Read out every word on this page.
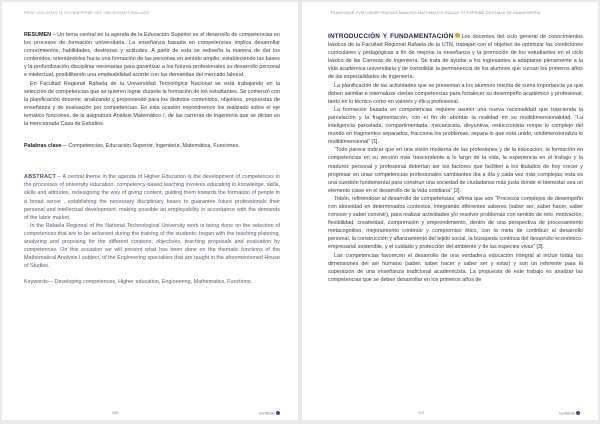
PEDE VOLUNTAS 11 DO INSPERIBE SPE OBLISORANT ANALAGE

RESUMEN – Un tema central en la agenda de la Educación Superior es el desarrollo de competencias en los procesos de formación universitaria. La enseñanza basada en competencias implica desarrollar conocimientos, habilidades, destrezas y actitudes. A partir de esta se rediseña la manera de dar los contenidos, orientándolos hacia una formación de las personas en sentido amplio, estableciendo las bases y la profundización disciplinar necesarias para garantizar a los futuros profesionales su desarrollo personal e intelectual, posibilitando una empleabilidad acorde con las demandas del mercado laboral.

En Facultad Regional Rafaela de la Universidad Tecnológica Nacional se está trabajando en la selección de competencias que se quieren lograr durante la formación de los estudiantes. Se comenzó con la planificación docente, analizando y proponiendo para los distintos contenidos, objetivos, propuestas de enseñanza y de evaluación por competencias. En esta ocasión expondremos los realizado sobre el eje temático funciones, de la asignatura Análisis Matemático I, de las carreras de Ingeniería que se dictan en la mencionada Casa de Estudios.

Palabras clave— Competencias, Educación Superior, Ingeniería, Matemática, Funciones.

ABSTRACT – A central theme in the agenda of Higher Education is the development of competences in the processes of university education. competency-based teaching involves educating in knowledge, skills, skills and attitudes, redesigning the way of giving content, guiding them towards the formation of people in a broad sense , establishing the necessary disciplinary bases to guarantee future professionals their personal and intellectual development, making possible an employability in accordance with the demands of the labor market.

In the Rafaela Regional of the National Technological University work is being done on the selection of competences that are to be achieved during the training of the students; began with the teaching planning, analyzing and proposing for the different contents, objectives, teaching proposals and evaluation by competences. On this occasion we will present what has been done on the thematic functions of the Mathematical Analysis I subject, of the Engineering specialties that are taught in the aforementioned House of Studies.

Keywords— Developing competences, Higher education, Engineering, Mathematics, Functions.

088	InvTeEdu
TRAVESQUE FVM COMPETENCIAS ANALISIS MATEMATICA EDUCA TO ESPRIME DIGITALIS DE ANAGENIERIA

INTRODUCCIÓN Y FUNDAMENTACIÓN Los docentes del ciclo general de conocimientos básicos de la Facultad Regional Rafaela de la UTN, trabajan con el objetivo de optimizar las condiciones curriculares y pedagógicas a fin de mejorar la enseñanza y la promoción de los estudiantes en el ciclo básico de las Carreras de Ingeniería. Se trata de ayudar a los ingresantes a adaptarse plenamente a la vida académica universitaria y de consolidar la permanencia de los alumnos que cursan los primeros años de las especialidades de Ingeniería.

La planificación de las actividades que se presentan a los alumnos resulta de suma importancia ya que deben asimilar e internalizar ciertas competencias para fortalecer su desempeño académico y profesional, tanto en lo técnico como en valores y ética profesional.

La formación basada en competencias requiere asumir una nueva racionalidad que trascienda la parcelación y la fragmentación, con el fin de abordar la realidad en su multidimensionalidad. “La inteligencia parcelada, compartimentada, mecanicista, disyuntiva, reduccionista rompe lo complejo del mundo en fragmentos separados, fracciona los problemas, separa lo que está unido, unidimensionaliza lo multidimensional” [1].

“Todo parece indicar que en una visión moderna de las profesiones y de la educación, la formación en competencias en su versión más trascendente a lo largo de la vida, la experiencia en el trabajo y la madurez personal y profesional deberían ser los factores que faciliten a los titulados de hoy crecer y progresar en unas competencias profesionales cambiantes día a día y cada vez más complejas; esta es una cuestión fundamental para construir una sociedad de ciudadanos más justa donde el bienestar sea un elemento clave en el desarrollo de la vida cotidiana” [2].

Tobón, refiriéndose al desarrollo de competencias, afirma que son “Procesos complejos de desempeño con idoneidad en determinados contextos, integrando diferentes saberes (saber ser, saber hacer, saber conocer y saber convivir), para realizar actividades y/o resolver problemas con sentido de reto, motivación, flexibilidad, creatividad, comprensión y emprendimiento, dentro de una perspectiva de procesamiento metacognitivo, mejoramiento continuo y compromiso ético, con la meta de contribuir al desarrollo personal, la construcción y afianzamiento del tejido social, la búsqueda continua del desarrollo económico-empresarial sostenible, y el cuidado y protección del ambiente y de las especies vivas” [3].

Las competencias favorecen el desarrollo de una verdadera educación integral al incluir todas las dimensiones del ser humano (saber, saber hacer y saber ser y estar) y son un referente para la superación de una enseñanza tradicional academicista. La propuesta de este trabajo es analizar las competencias que se deben desarrollar en los primeros años de

101	InvTeEdu
